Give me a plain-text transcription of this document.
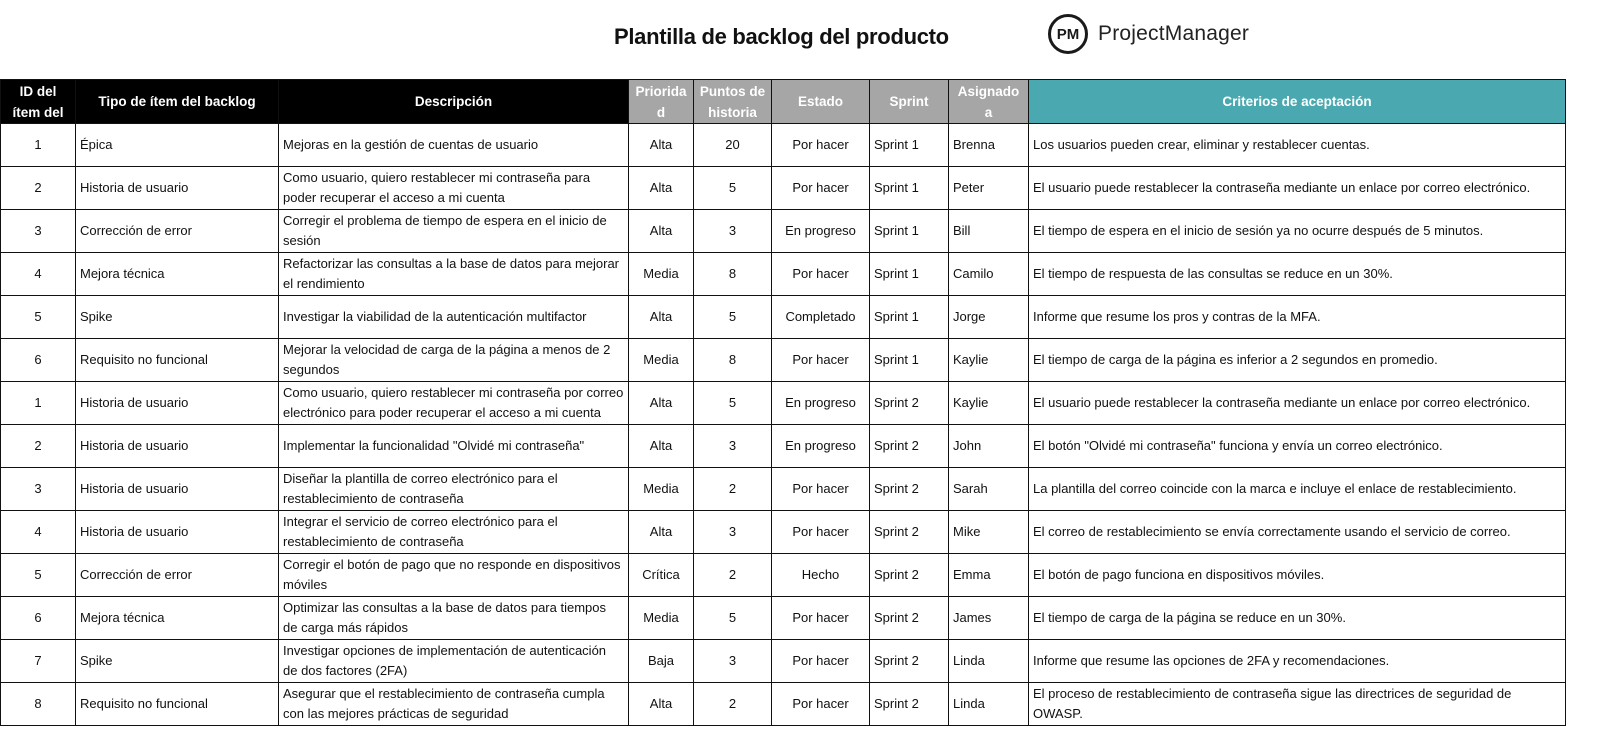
Plantilla de backlog del producto	PM ProjectManager
ID del ítem del	Tipo de ítem del backlog	Descripción	Prioridad	Puntos de historia	Estado	Sprint	Asignado a	Criterios de aceptación

1	Épica	Mejoras en la gestión de cuentas de usuario	Alta	20	Por hacer	Sprint 1	Brenna	Los usuarios pueden crear, eliminar y restablecer cuentas.

2	Historia de usuario	Como usuario, quiero restablecer mi contraseña para poder recuperar el acceso a mi cuenta	Alta	5	Por hacer	Sprint 1	Peter	El usuario puede restablecer la contraseña mediante un enlace por correo electrónico.

3	Corrección de error	Corregir el problema de tiempo de espera en el inicio de sesión	Alta	3	En progreso	Sprint 1	Bill	El tiempo de espera en el inicio de sesión ya no ocurre después de 5 minutos.

4	Mejora técnica	Refactorizar las consultas a la base de datos para mejorar el rendimiento	Media	8	Por hacer	Sprint 1	Camilo	El tiempo de respuesta de las consultas se reduce en un 30%.

5	Spike	Investigar la viabilidad de la autenticación multifactor	Alta	5	Completado	Sprint 1	Jorge	Informe que resume los pros y contras de la MFA.

6	Requisito no funcional	Mejorar la velocidad de carga de la página a menos de 2 segundos	Media	8	Por hacer	Sprint 1	Kaylie	El tiempo de carga de la página es inferior a 2 segundos en promedio.

1	Historia de usuario	Como usuario, quiero restablecer mi contraseña por correo electrónico para poder recuperar el acceso a mi cuenta	Alta	5	En progreso	Sprint 2	Kaylie	El usuario puede restablecer la contraseña mediante un enlace por correo electrónico.

2	Historia de usuario	Implementar la funcionalidad "Olvidé mi contraseña"	Alta	3	En progreso	Sprint 2	John	El botón "Olvidé mi contraseña" funciona y envía un correo electrónico.

3	Historia de usuario	Diseñar la plantilla de correo electrónico para el restablecimiento de contraseña	Media	2	Por hacer	Sprint 2	Sarah	La plantilla del correo coincide con la marca e incluye el enlace de restablecimiento.

4	Historia de usuario	Integrar el servicio de correo electrónico para el restablecimiento de contraseña	Alta	3	Por hacer	Sprint 2	Mike	El correo de restablecimiento se envía correctamente usando el servicio de correo.

5	Corrección de error	Corregir el botón de pago que no responde en dispositivos móviles	Crítica	2	Hecho	Sprint 2	Emma	El botón de pago funciona en dispositivos móviles.

6	Mejora técnica	Optimizar las consultas a la base de datos para tiempos de carga más rápidos	Media	5	Por hacer	Sprint 2	James	El tiempo de carga de la página se reduce en un 30%.

7	Spike	Investigar opciones de implementación de autenticación de dos factores (2FA)	Baja	3	Por hacer	Sprint 2	Linda	Informe que resume las opciones de 2FA y recomendaciones.

8	Requisito no funcional	Asegurar que el restablecimiento de contraseña cumpla con las mejores prácticas de seguridad	Alta	2	Por hacer	Sprint 2	Linda	El proceso de restablecimiento de contraseña sigue las directrices de seguridad de OWASP.
